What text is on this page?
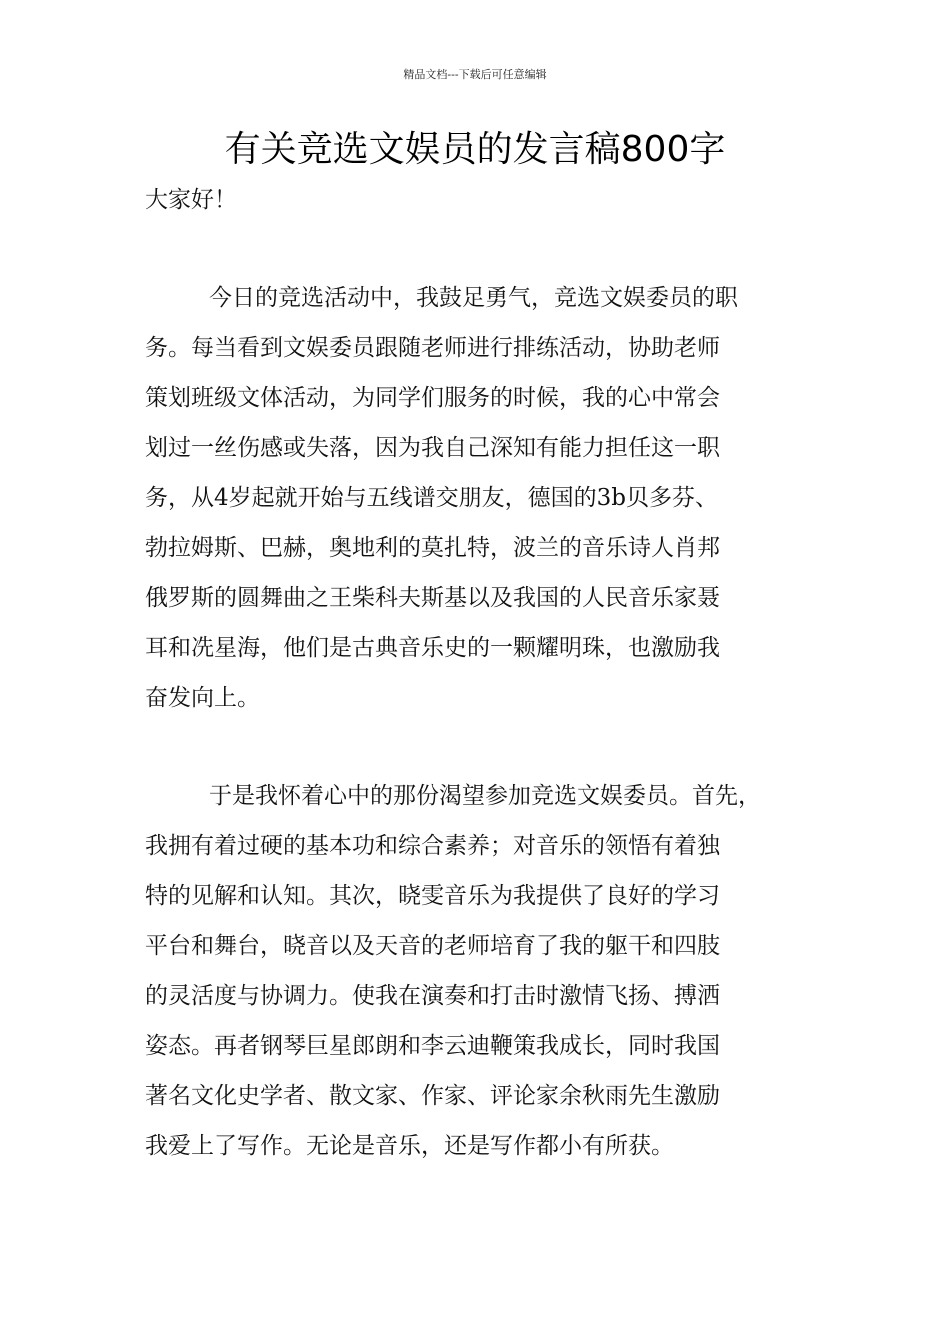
精品文档---下载后可任意编辑
有关竞选文娱员的发言稿800字
大家好！
今日的竞选活动中，我鼓足勇气，竞选文娱委员的职
务。每当看到文娱委员跟随老师进行排练活动，协助老师
策划班级文体活动，为同学们服务的时候，我的心中常会
划过一丝伤感或失落，因为我自己深知有能力担任这一职
务，从4岁起就开始与五线谱交朋友，德国的3b贝多芬、
勃拉姆斯、巴赫，奥地利的莫扎特，波兰的音乐诗人肖邦
俄罗斯的圆舞曲之王柴科夫斯基以及我国的人民音乐家聂
耳和冼星海，他们是古典音乐史的一颗耀明珠，也激励我
奋发向上。
于是我怀着心中的那份渴望参加竞选文娱委员。首先，
我拥有着过硬的基本功和综合素养；对音乐的领悟有着独
特的见解和认知。其次，晓雯音乐为我提供了良好的学习
平台和舞台，晓音以及天音的老师培育了我的躯干和四肢
的灵活度与协调力。使我在演奏和打击时激情飞扬、搏洒
姿态。再者钢琴巨星郎朗和李云迪鞭策我成长，同时我国
著名文化史学者、散文家、作家、评论家余秋雨先生激励
我爱上了写作。无论是音乐，还是写作都小有所获。
